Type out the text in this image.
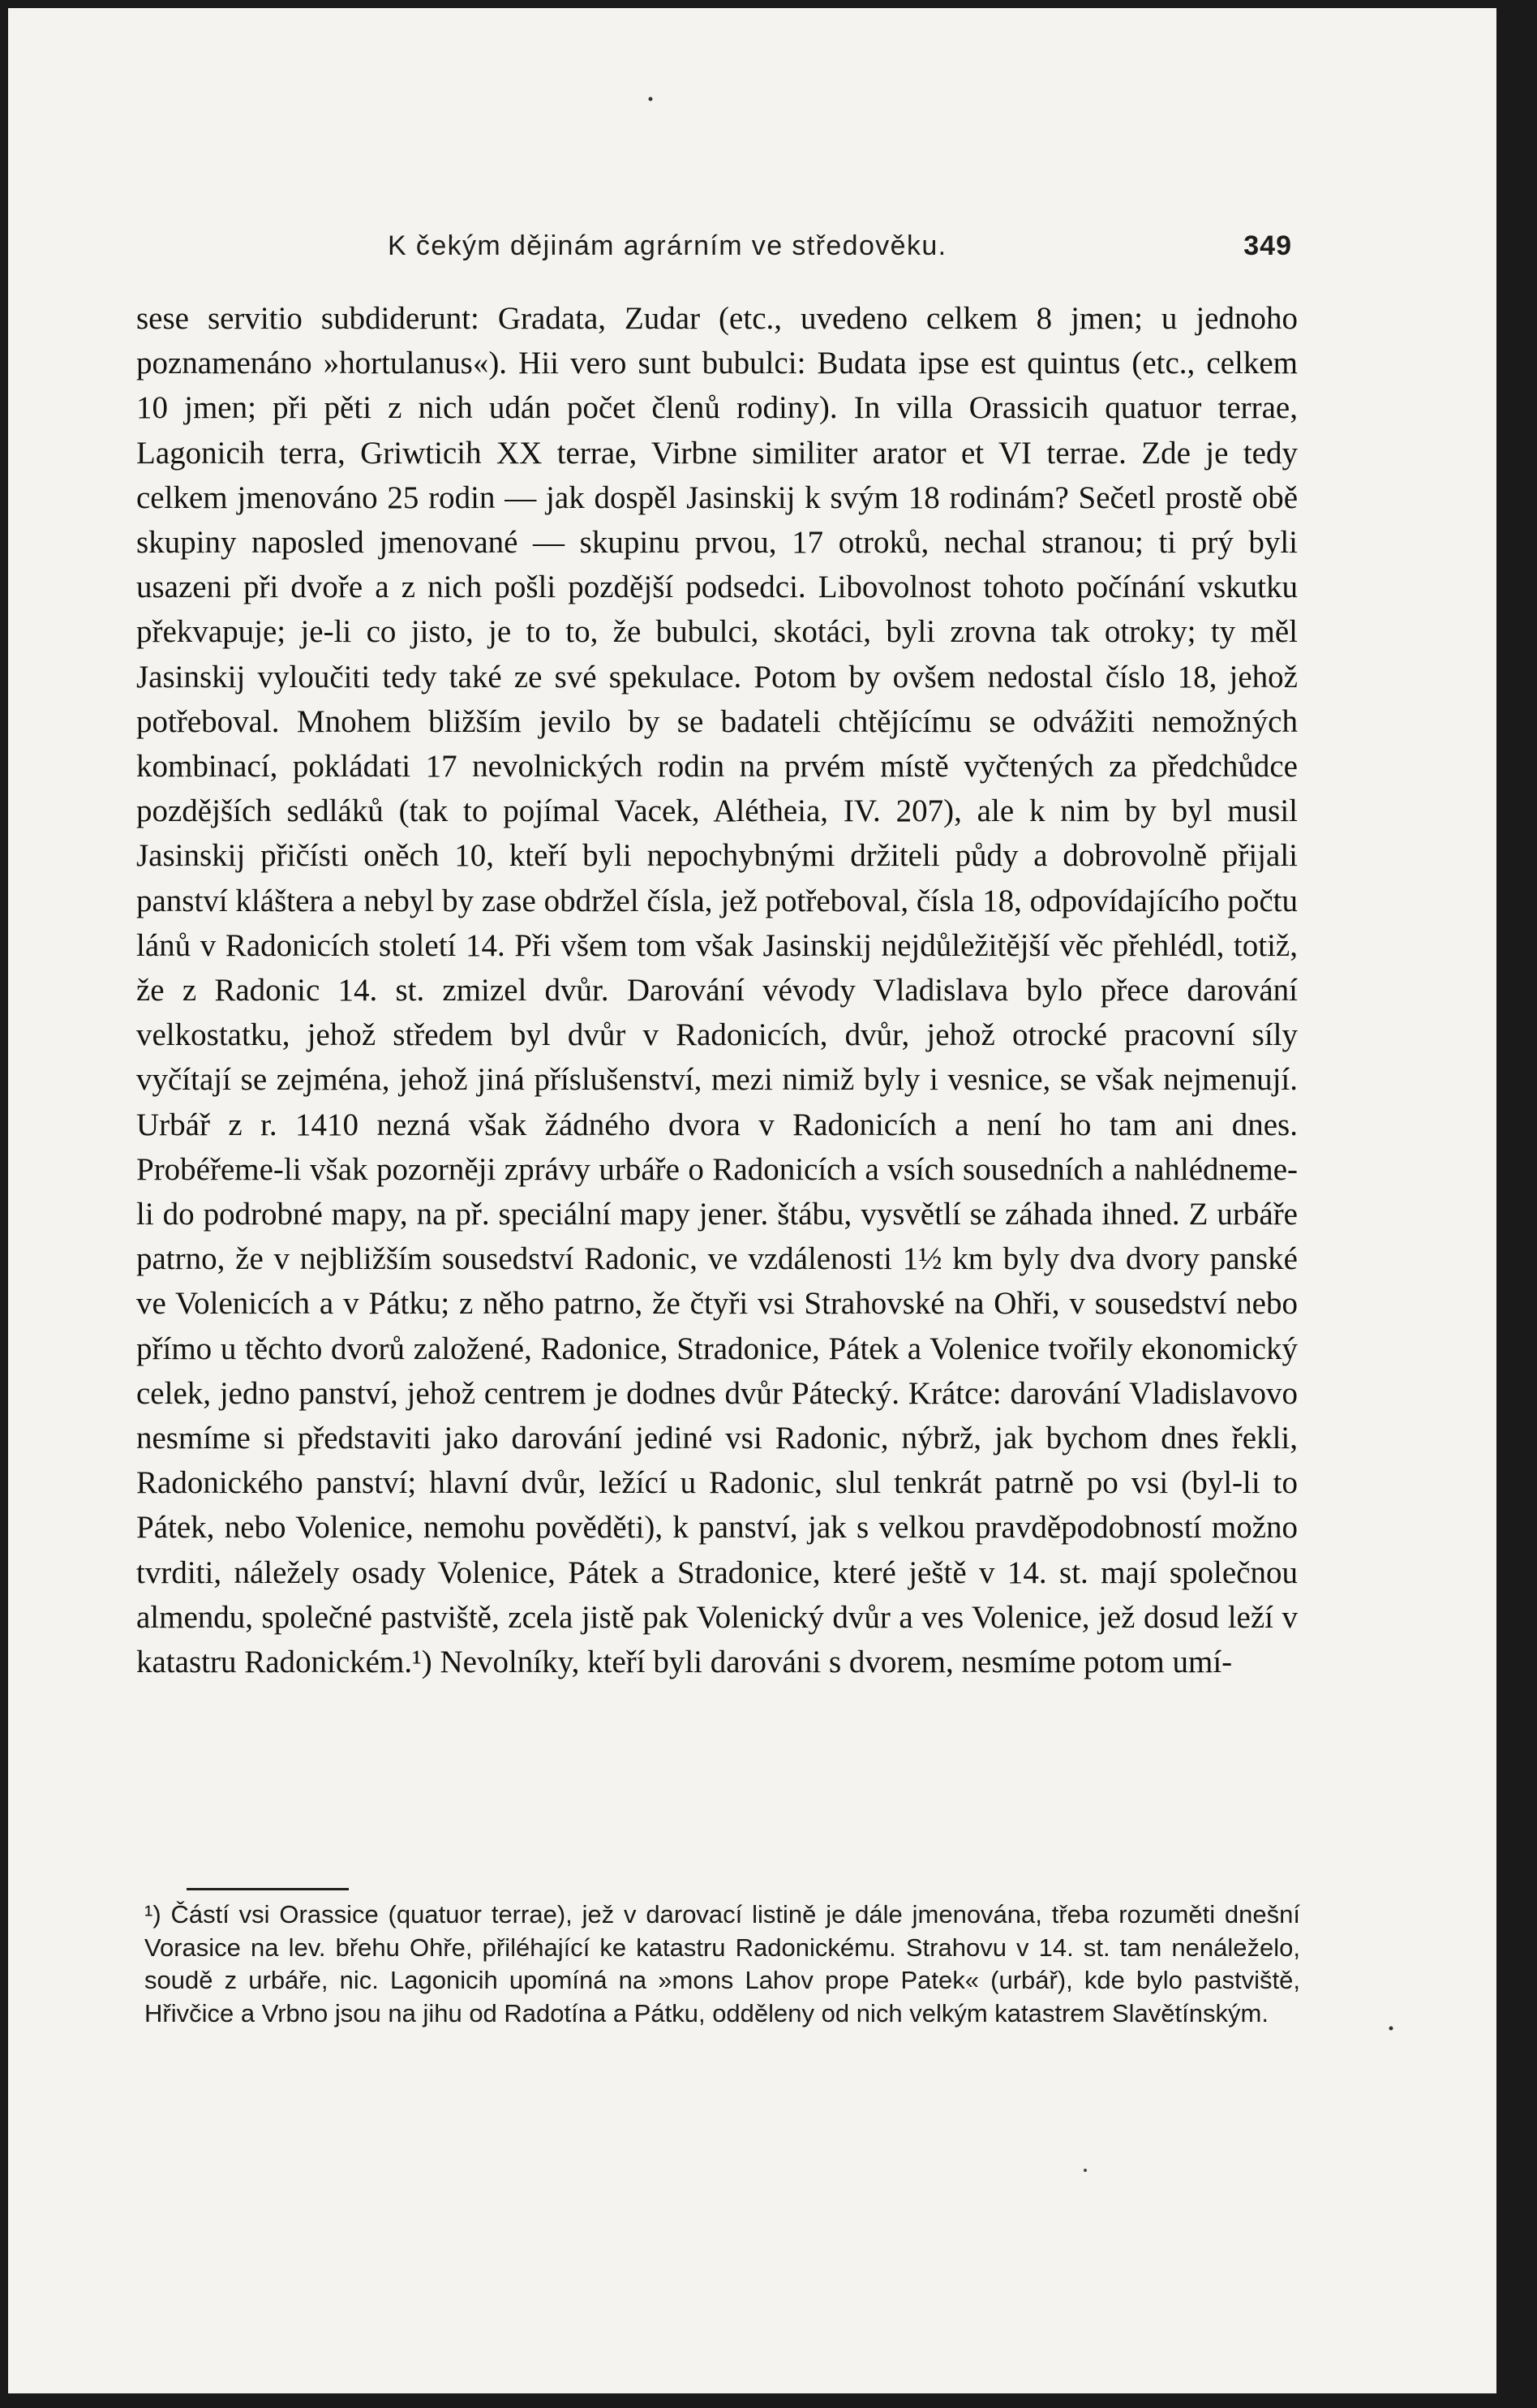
K če͘kým dějinám agrárním ve středověku.	349

sese servitio subdiderunt: Gradata, Zudar (etc., uvedeno celkem 8 jmen; u jednoho poznamenáno »hortulanus«). Hii vero sunt bubulci: Budata ipse est quintus (etc., celkem 10 jmen; při pěti z nich udán počet členů rodiny). In villa Orassicih quatuor terrae, Lagonicih terra, Griwticih XX terrae, Virbne similiter arator et VI terrae. Zde je tedy celkem jmenováno 25 rodin — jak dospěl Jasinskij k svým 18 rodinám? Sečetl prostě obě skupiny naposled jmenované — skupinu prvou, 17 otroků, nechal stranou; ti prý byli usazeni při dvoře a z nich pošli pozdější podsedci. Libovolnost tohoto počínání vskutku překvapuje; je-li co jisto, je to to, že bubulci, skotáci, byli zrovna tak otroky; ty měl Jasinskij vyloučiti tedy také ze své spekulace. Potom by ovšem nedostal číslo 18, jehož potřeboval. Mnohem bližším jevilo by se badateli chtějícímu se odvážiti nemožných kombinací, pokládati 17 nevolnických rodin na prvém místě vyčtených za předchůdce pozdějších sedláků (tak to pojímal Vacek, Alétheia, IV. 207), ale k nim by byl musil Jasinskij přičísti oněch 10, kteří byli nepochybnými držiteli půdy a dobrovolně přijali panství kláštera a nebyl by zase obdržel čísla, jež potřeboval, čísla 18, odpovídajícího počtu lánů v Radonicích století 14. Při všem tom však Jasinskij nejdůležitější věc přehlédl, totiž, že z Radonic 14. st. zmizel dvůr. Darování vévody Vladislava bylo přece darování velkostatku, jehož středem byl dvůr v Radonicích, dvůr, jehož otrocké pracovní síly vyčítají se zejména, jehož jiná příslušenství, mezi nimiž byly i vesnice, se však nejmenují. Urbář z r. 1410 nezná však žádného dvora v Radonicích a není ho tam ani dnes. Probéřeme-li však pozorněji zprávy urbáře o Radonicích a vsích sousedních a nahlédneme-li do podrobné mapy, na př. speciální mapy jener. štábu, vysvětlí se záhada ihned. Z urbáře patrno, že v nejbližším sousedství Radonic, ve vzdálenosti 1½ km byly dva dvory panské ve Volenicích a v Pátku; z něho patrno, že čtyři vsi Strahovské na Ohři, v sousedství nebo přímo u těchto dvorů založené, Radonice, Stradonice, Pátek a Volenice tvořily ekonomický celek, jedno panství, jehož centrem je dodnes dvůr Pátecký. Krátce: darování Vladislavovo nesmíme si představiti jako darování jediné vsi Radonic, nýbrž, jak bychom dnes řekli, Radonického panství; hlavní dvůr, ležící u Radonic, slul tenkrát patrně po vsi (byl-li to Pátek, nebo Volenice, nemohu pověděti), k panství, jak s velkou pravděpodobností možno tvrditi, náležely osady Volenice, Pátek a Stradonice, které ještě v 14. st. mají společnou almendu, společné pastviště, zcela jistě pak Volenický dvůr a ves Volenice, jež dosud leží v katastru Radonickém.¹) Nevolníky, kteří byli darováni s dvorem, nesmíme potom umí-

¹) Částí vsi Orassice (quatuor terrae), jež v darovací listině je dále jmenována, třeba rozuměti dnešní Vorasice na lev. břehu Ohře, přiléhající ke katastru Radonickému. Strahovu v 14. st. tam nenáleželo, soudě z urbáře, nic. Lagonicih upomíná na »mons Lahov prope Patek« (urbář), kde bylo pastviště, Hřivčice a Vrbno jsou na jihu od Radotína a Pátku, odděleny od nich velkým katastrem Slavětínským.
